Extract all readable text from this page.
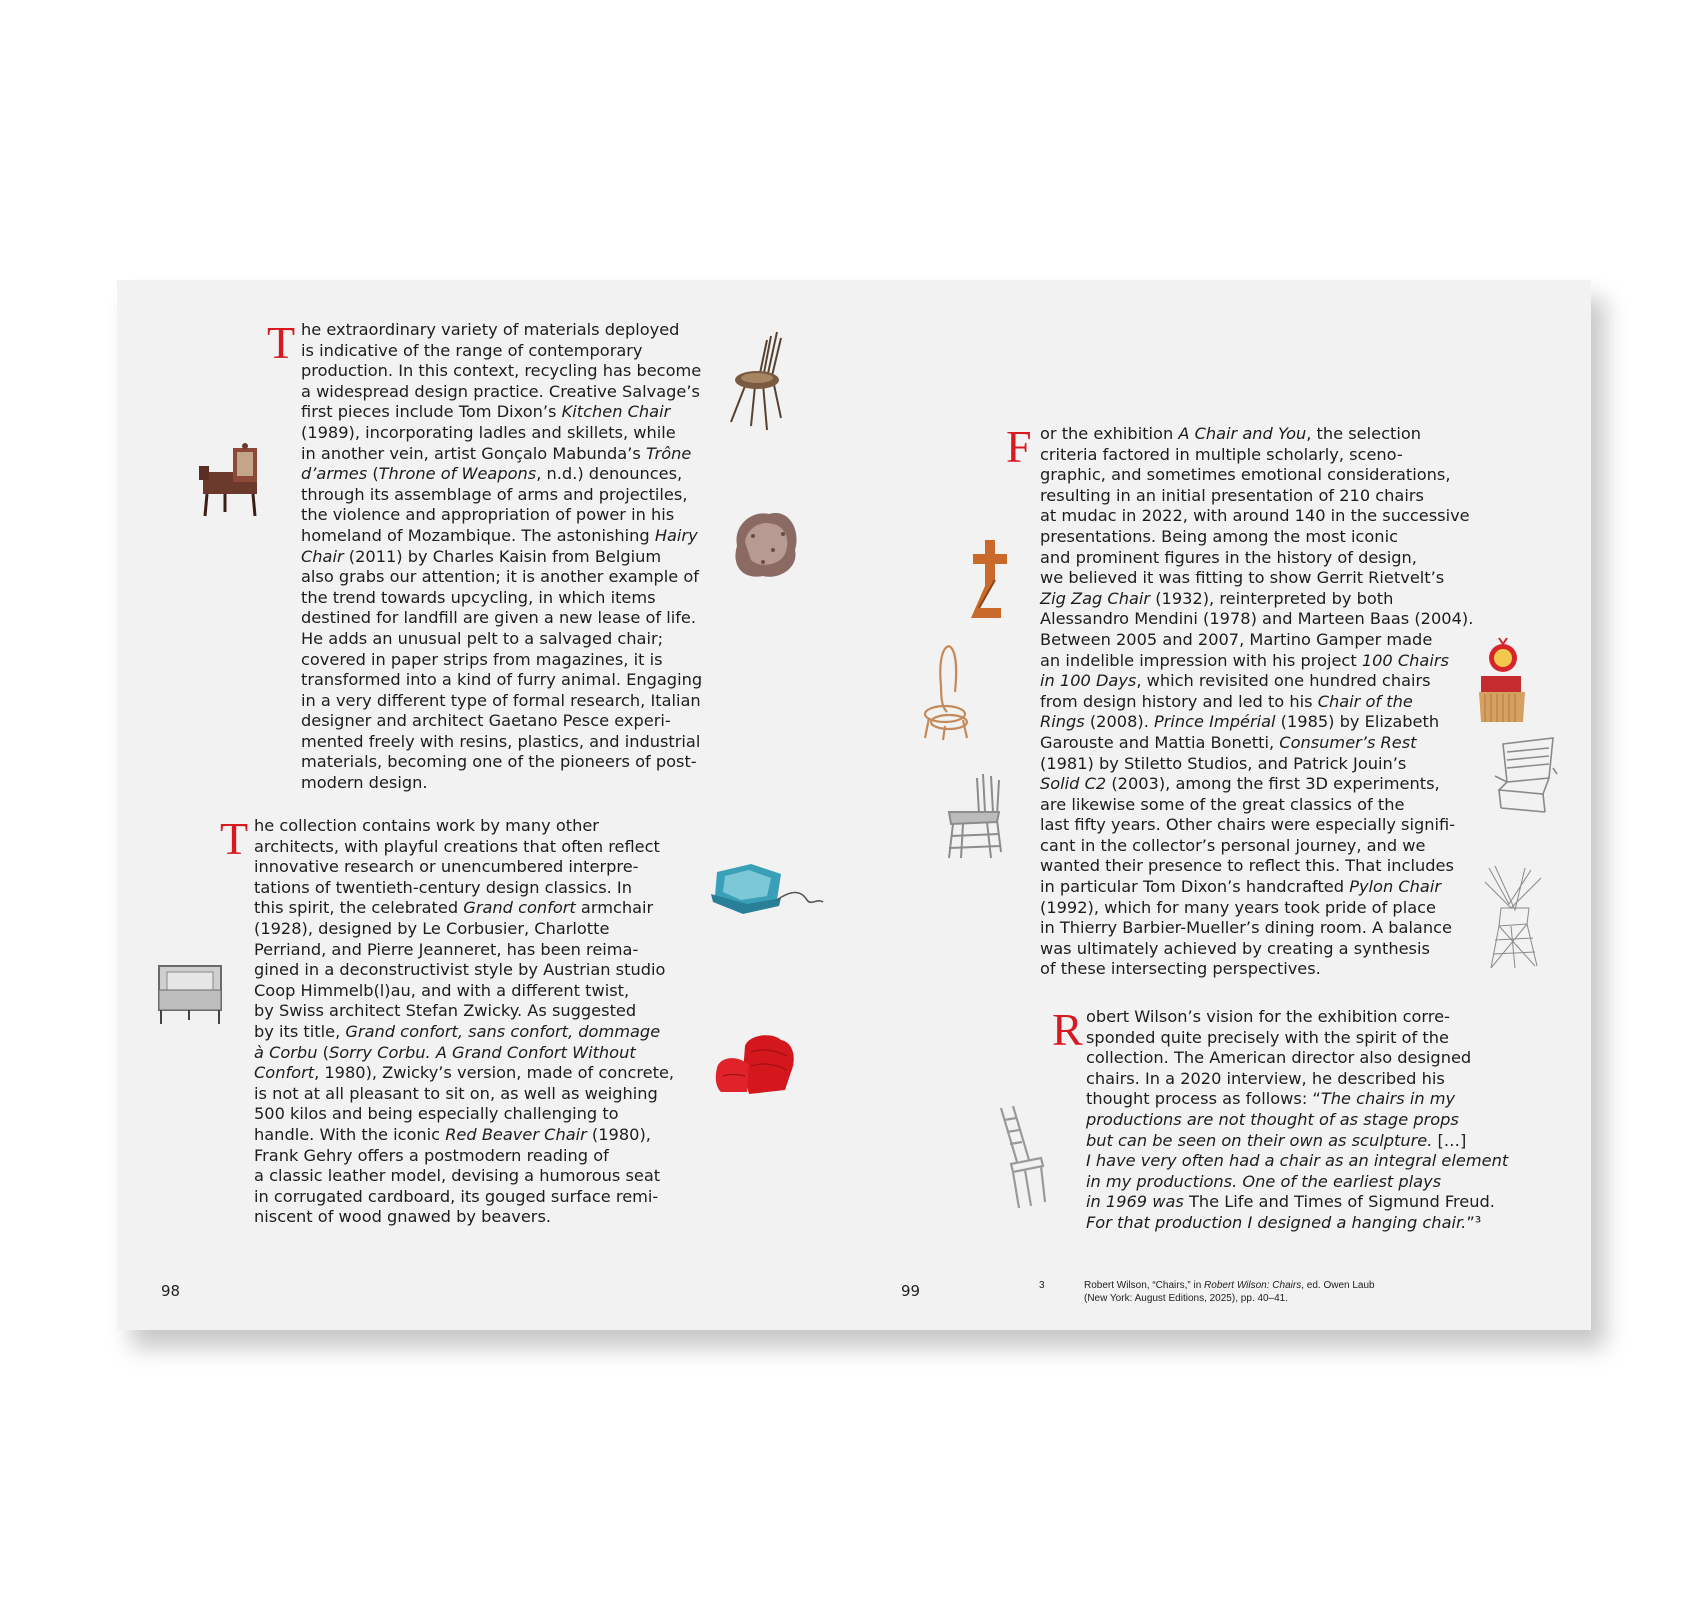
T he extraordinary variety of materials deployed
is indicative of the range of contemporary
production. In this context, recycling has become
a widespread design practice. Creative Salvage’s
first pieces include Tom Dixon’s Kitchen Chair
(1989), incorporating ladles and skillets, while
in another vein, artist Gonçalo Mabunda’s Trône
d’armes (Throne of Weapons, n.d.) denounces,
through its assemblage of arms and projectiles,
the violence and appropriation of power in his
homeland of Mozambique. The astonishing Hairy
Chair (2011) by Charles Kaisin from Belgium
also grabs our attention; it is another example of
the trend towards upcycling, in which items
destined for landfill are given a new lease of life.
He adds an unusual pelt to a salvaged chair;
covered in paper strips from magazines, it is
transformed into a kind of furry animal. Engaging
in a very different type of formal research, Italian
designer and architect Gaetano Pesce experi-
mented freely with resins, plastics, and industrial
materials, becoming one of the pioneers of post-
modern design.
T he collection contains work by many other
architects, with playful creations that often reflect
innovative research or unencumbered interpre-
tations of twentieth-century design classics. In
this spirit, the celebrated Grand confort armchair
(1928), designed by Le Corbusier, Charlotte
Perriand, and Pierre Jeanneret, has been reima-
gined in a deconstructivist style by Austrian studio
Coop Himmelb(l)au, and with a different twist,
by Swiss architect Stefan Zwicky. As suggested
by its title, Grand confort, sans confort, dommage
à Corbu (Sorry Corbu. A Grand Confort Without
Confort, 1980), Zwicky’s version, made of concrete,
is not at all pleasant to sit on, as well as weighing
500 kilos and being especially challenging to
handle. With the iconic Red Beaver Chair (1980),
Frank Gehry offers a postmodern reading of
a classic leather model, devising a humorous seat
in corrugated cardboard, its gouged surface remi-
niscent of wood gnawed by beavers.
98
F or the exhibition A Chair and You, the selection
criteria factored in multiple scholarly, sceno-
graphic, and sometimes emotional considerations,
resulting in an initial presentation of 210 chairs
at mudac in 2022, with around 140 in the successive
presentations. Being among the most iconic
and prominent figures in the history of design,
we believed it was fitting to show Gerrit Rietvelt’s
Zig Zag Chair (1932), reinterpreted by both
Alessandro Mendini (1978) and Marteen Baas (2004).
Between 2005 and 2007, Martino Gamper made
an indelible impression with his project 100 Chairs
in 100 Days, which revisited one hundred chairs
from design history and led to his Chair of the
Rings (2008). Prince Impérial (1985) by Elizabeth
Garouste and Mattia Bonetti, Consumer’s Rest
(1981) by Stiletto Studios, and Patrick Jouin’s
Solid C2 (2003), among the first 3D experiments,
are likewise some of the great classics of the
last fifty years. Other chairs were especially signifi-
cant in the collector’s personal journey, and we
wanted their presence to reflect this. That includes
in particular Tom Dixon’s handcrafted Pylon Chair
(1992), which for many years took pride of place
in Thierry Barbier-Mueller’s dining room. A balance
was ultimately achieved by creating a synthesis
of these intersecting perspectives.
R obert Wilson’s vision for the exhibition corre-
sponded quite precisely with the spirit of the
collection. The American director also designed
chairs. In a 2020 interview, he described his
thought process as follows: “The chairs in my
productions are not thought of as stage props
but can be seen on their own as sculpture. […]
I have very often had a chair as an integral element
in my productions. One of the earliest plays
in 1969 was The Life and Times of Sigmund Freud.
For that production I designed a hanging chair.”³
99	3	Robert Wilson, “Chairs,” in Robert Wilson: Chairs, ed. Owen Laub
(New York: August Editions, 2025), pp. 40–41.
